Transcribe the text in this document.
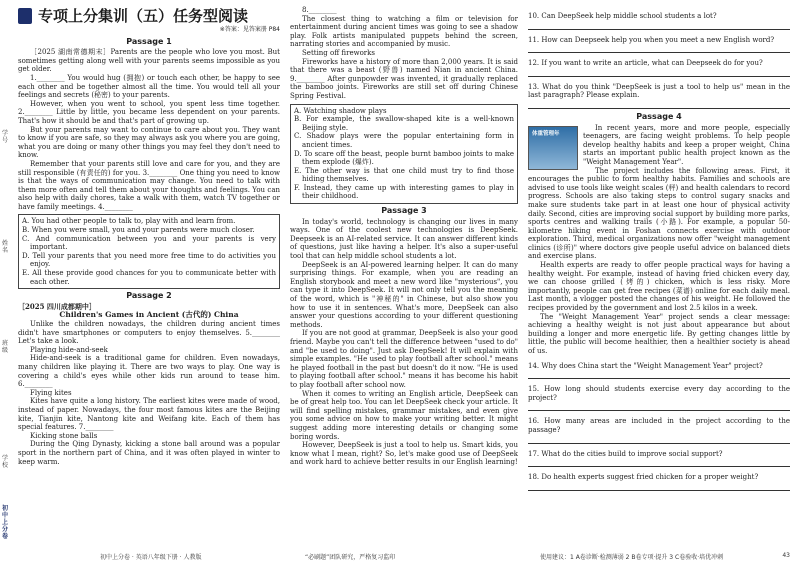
学号
姓名
班级
学校
初中上分卷
专项上分集训（五）任务型阅读
※答案：见答案册 P84
Passage 1

［2025 湖南常德期末］Parents are the people who love you most. But sometimes getting along well with your parents seems impossible as you get older.

1.________ You would hug (拥抱) or touch each other, be happy to see each other and be together almost all the time. You would tell all your feelings and secrets (秘密) to your parents.

However, when you went to school, you spent less time together. 2.________ Little by little, you became less dependent on your parents. That's how it should be and that's part of growing up.

But your parents may want to continue to care about you. They want to know if you are safe, so they may always ask you where you are going, what you are doing or many other things you may feel they don't need to know.

Remember that your parents still love and care for you, and they are still responsible (有责任的) for you. 3.________ One thing you need to know is that the ways of communication may change. You need to talk with them more often and tell them about your thoughts and feelings. You can also help with daily chores, take a walk with them, watch TV together or have family meetings. 4.________

A. You had other people to talk to, play with and learn from.

B. When you were small, you and your parents were much closer.

C. And communication between you and your parents is very important.

D. Tell your parents that you need more free time to do activities you enjoy.

E. All these provide good chances for you to communicate better with each other.

Passage 2

［2025 四川成都期中］

Children's Games in Ancient (古代的) China

Unlike the children nowadays, the children during ancient times didn't have smartphones or computers to enjoy themselves. 5.________ Let's take a look.

Playing hide-and-seek

Hide-and-seek is a traditional game for children. Even nowadays, many children like playing it. There are two ways to play. One way is covering a child's eyes while other kids run around to tease him. 6.________

Flying kites

Kites have quite a long history. The earliest kites were made of wood, instead of paper. Nowadays, the four most famous kites are the Beijing kite, Tianjin kite, Nantong kite and Weifang kite. Each of them has special features. 7.________

Kicking stone balls

During the Qing Dynasty, kicking a stone ball around was a popular sport in the northern part of China, and it was often played in winter to keep warm.

8.________

The closest thing to watching a film or television for entertainment during ancient times was going to see a shadow play. Folk artists manipulated puppets behind the screen, narrating stories and accompanied by music.

Setting off fireworks

Fireworks have a history of more than 2,000 years. It is said that there was a beast (野兽) named Nian in ancient China. 9.________ After gunpowder was invented, it gradually replaced the bamboo joints. Fireworks are still set off during Chinese Spring Festival.

A. Watching shadow plays

B. For example, the swallow-shaped kite is a well-known Beijing style.

C. Shadow plays were the popular entertaining form in ancient times.

D. To scare off the beast, people burnt bamboo joints to make them explode (爆炸).

E. The other way is that one child must try to find those hiding themselves.

F. Instead, they came up with interesting games to play in their childhood.

Passage 3

In today's world, technology is changing our lives in many ways. One of the coolest new technologies is DeepSeek. Deepseek is an AI-related service. It can answer different kinds of questions, just like having a helper. It's also a super-useful tool that can help middle school students a lot.

DeepSeek is an AI-powered learning helper. It can do many surprising things. For example, when you are reading an English storybook and meet a new word like "mysterious", you can type it into DeepSeek. It will not only tell you the meaning of the word, which is "神秘的" in Chinese, but also show you how to use it in sentences. What's more, DeepSeek can also answer your questions according to your different questioning methods.

If you are not good at grammar, DeepSeek is also your good friend. Maybe you can't tell the difference between "used to do" and "be used to doing". Just ask DeepSeek! It will explain with simple examples. "He used to play football after school." means he played football in the past but doesn't do it now. "He is used to playing football after school." means it has become his habit to play football after school now.

When it comes to writing an English article, DeepSeek can be of great help too. You can let DeepSeek check your article. It will find spelling mistakes, grammar mistakes, and even give you some advice on how to make your writing better. It might suggest adding more interesting details or changing some boring words.

However, DeepSeek is just a tool to help us. Smart kids, you know what I mean, right? So, let's make good use of DeepSeek and work hard to achieve better results in our English learning!

10. Can DeepSeek help middle school students a lot?

11. How can Deepseek help you when you meet a new English word?

12. If you want to write an article, what can Deepseek do for you?

13. What do you think "DeepSeek is just a tool to help us" mean in the last paragraph? Please explain.

Passage 4
体重管理年

In recent years, more and more people, especially teenagers, are facing weight problems. To help people develop healthy habits and keep a proper weight, China starts an important public health project known as the "Weight Management Year".

The project includes the following areas. First, it encourages the public to form healthy habits. Families and schools are advised to use tools like weight scales (秤) and health calendars to record progress. Schools are also taking steps to control sugary snacks and make sure students take part in at least one hour of physical activity daily. Second, cities are improving social support by building more parks, sports centres and walking trails (小路). For example, a popular 50-kilometre hiking event in Foshan connects exercise with outdoor exploration. Third, medical organizations now offer "weight management clinics (诊所)" where doctors give people useful advice on balanced diets and exercise plans.

Health experts are ready to offer people practical ways for having a healthy weight. For example, instead of having fried chicken every day, we can choose grilled (烤的) chicken, which is less risky. More importantly, people can get free recipes (菜谱) online for each daily meal. Last month, a vlogger posted the changes of his weight. He followed the recipes provided by the government and lost 2.5 kilos in a week.

The "Weight Management Year" project sends a clear message: achieving a healthy weight is not just about appearance but about building a longer and more energetic life. By getting changes little by little, the public will become healthier, then a healthier society is ahead of us.

14. Why does China start the "Weight Management Year" project?

15. How long should students exercise every day according to the project?

16. How many areas are included in the project according to the passage?

17. What do the cities build to improve social support?

18. Do health experts suggest fried chicken for a proper weight?

初中上分卷 · 英语八年级下册 · 人教版	“必刷题”团队研究，严格复习监印	使用建议：1 A卷诊断·检测薄弱 2 B卷专项·提升 3 C卷验收·培优冲刺	43
